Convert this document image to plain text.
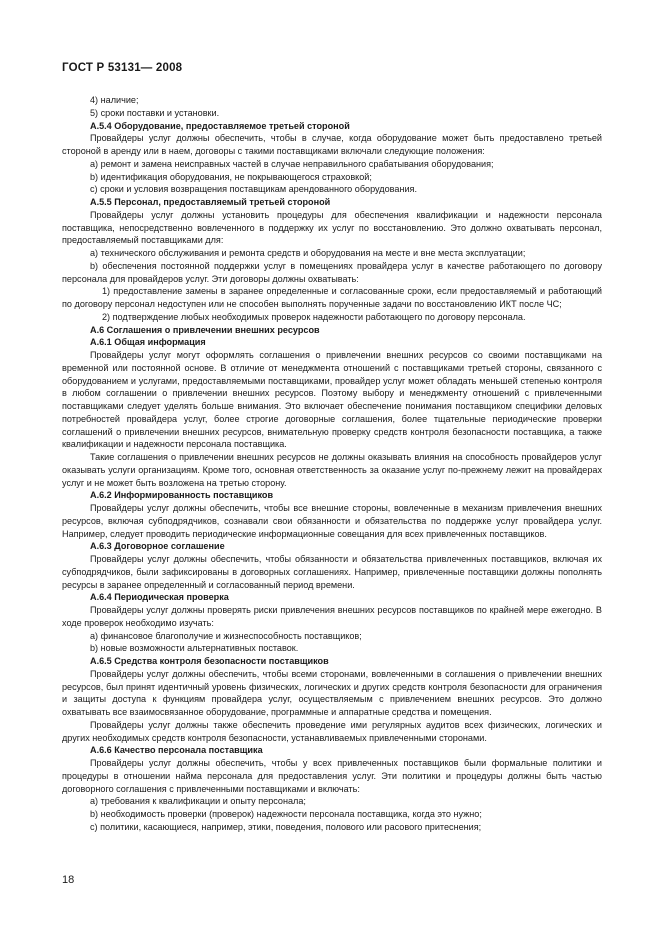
ГОСТ Р 53131— 2008

4) наличие;

5) сроки поставки и установки.

А.5.4 Оборудование, предоставляемое третьей стороной

Провайдеры услуг должны обеспечить, чтобы в случае, когда оборудование может быть предоставлено третьей стороной в аренду или в наем, договоры с такими поставщиками включали следующие положения:

а) ремонт и замена неисправных частей в случае неправильного срабатывания оборудования;

b) идентификация оборудования, не покрывающегося страховкой;

с) сроки и условия возвращения поставщикам арендованного оборудования.

А.5.5 Персонал, предоставляемый третьей стороной

Провайдеры услуг должны установить процедуры для обеспечения квалификации и надежности персонала поставщика, непосредственно вовлеченного в поддержку их услуг по восстановлению. Это должно охватывать персонал, предоставляемый поставщиками для:

а) технического обслуживания и ремонта средств и оборудования на месте и вне места эксплуатации;

b) обеспечения постоянной поддержки услуг в помещениях провайдера услуг в качестве работающего по договору персонала для провайдеров услуг. Эти договоры должны охватывать:

1) предоставление замены в заранее определенные и согласованные сроки, если предоставляемый и работающий по договору персонал недоступен или не способен выполнять порученные задачи по восстановлению ИКТ после ЧС;

2) подтверждение любых необходимых проверок надежности работающего по договору персонала.

А.6 Соглашения о привлечении внешних ресурсов

А.6.1 Общая информация

Провайдеры услуг могут оформлять соглашения о привлечении внешних ресурсов со своими поставщиками на временной или постоянной основе. В отличие от менеджмента отношений с поставщиками третьей стороны, связанного с оборудованием и услугами, предоставляемыми поставщиками, провайдер услуг может обладать меньшей степенью контроля в любом соглашении о привлечении внешних ресурсов. Поэтому выбору и менеджменту отношений с привлеченными поставщиками следует уделять больше внимания. Это включает обеспечение понимания поставщиком специфики деловых потребностей провайдера услуг, более строгие договорные соглашения, более тщательные периодические проверки соглашений о привлечении внешних ресурсов, внимательную проверку средств контроля безопасности поставщика, а также квалификации и надежности персонала поставщика.

Такие соглашения о привлечении внешних ресурсов не должны оказывать влияния на способность провайдеров услуг оказывать услуги организациям. Кроме того, основная ответственность за оказание услуг по-прежнему лежит на провайдерах услуг и не может быть возложена на третью сторону.

А.6.2 Информированность поставщиков

Провайдеры услуг должны обеспечить, чтобы все внешние стороны, вовлеченные в механизм привлечения внешних ресурсов, включая субподрядчиков, сознавали свои обязанности и обязательства по поддержке услуг провайдера услуг. Например, следует проводить периодические информационные совещания для всех привлеченных поставщиков.

А.6.3 Договорное соглашение

Провайдеры услуг должны обеспечить, чтобы обязанности и обязательства привлеченных поставщиков, включая их субподрядчиков, были зафиксированы в договорных соглашениях. Например, привлеченные поставщики должны пополнять ресурсы в заранее определенный и согласованный период времени.

А.6.4 Периодическая проверка

Провайдеры услуг должны проверять риски привлечения внешних ресурсов поставщиков по крайней мере ежегодно. В ходе проверок необходимо изучать:

а) финансовое благополучие и жизнеспособность поставщиков;

b) новые возможности альтернативных поставок.

А.6.5 Средства контроля безопасности поставщиков

Провайдеры услуг должны обеспечить, чтобы всеми сторонами, вовлеченными в соглашения о привлечении внешних ресурсов, был принят идентичный уровень физических, логических и других средств контроля безопасности для ограничения и защиты доступа к функциям провайдера услуг, осуществляемым с привлечением внешних ресурсов. Это должно охватывать все взаимосвязанное оборудование, программные и аппаратные средства и помещения.

Провайдеры услуг должны также обеспечить проведение ими регулярных аудитов всех физических, логических и других необходимых средств контроля безопасности, устанавливаемых привлеченными сторонами.

А.6.6 Качество персонала поставщика

Провайдеры услуг должны обеспечить, чтобы у всех привлеченных поставщиков были формальные политики и процедуры в отношении найма персонала для предоставления услуг. Эти политики и процедуры должны быть частью договорного соглашения с привлеченными поставщиками и включать:

а) требования к квалификации и опыту персонала;

b) необходимость проверки (проверок) надежности персонала поставщика, когда это нужно;

с) политики, касающиеся, например, этики, поведения, полового или расового притеснения;

18
